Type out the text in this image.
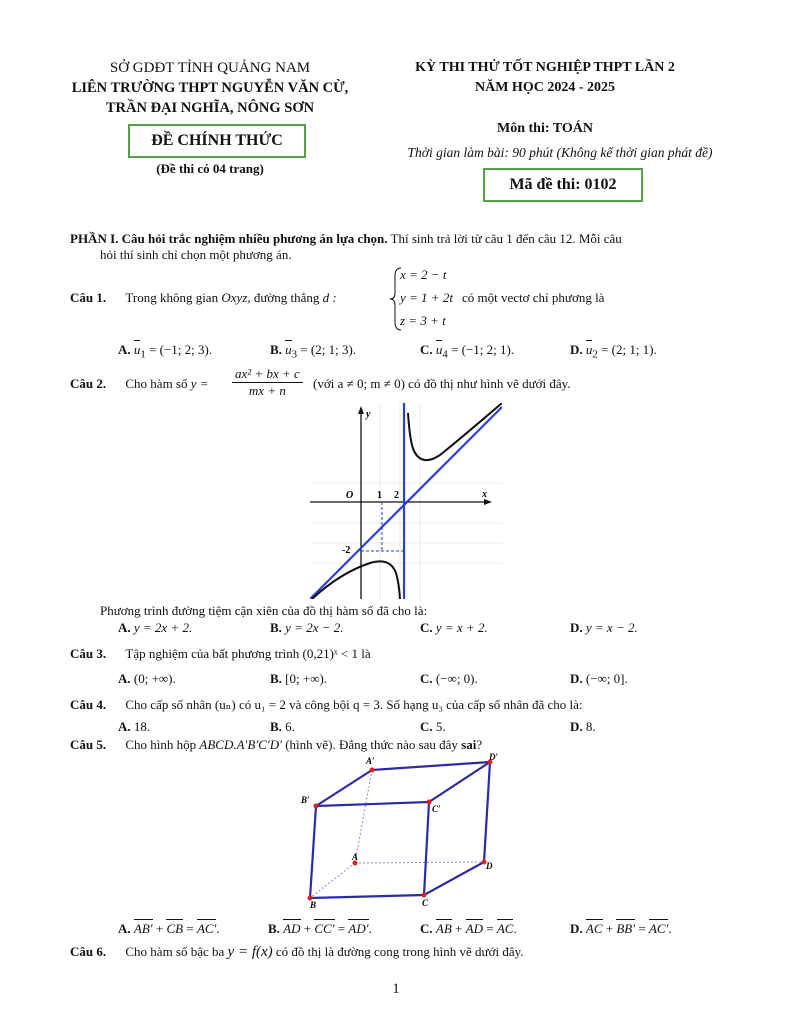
SỞ GDĐT TỈNH QUẢNG NAM
LIÊN TRƯỜNG THPT NGUYỄN VĂN CỪ,
TRẦN ĐẠI NGHĨA, NÔNG SƠN
ĐỀ CHÍNH THỨC
(Đề thi có 04 trang)
KỲ THI THỬ TỐT NGHIỆP THPT LẦN 2
NĂM HỌC 2024 - 2025
Môn thi: TOÁN
Thời gian làm bài: 90 phút (Không kể thời gian phát đề)
Mã đề thi: 0102
PHẦN I. Câu hỏi trắc nghiệm nhiều phương án lựa chọn. Thí sinh trả lời từ câu 1 đến câu 12. Mỗi câu
hỏi thí sinh chỉ chọn một phương án.
Câu 1. Trong không gian Oxyz, đường thẳng d :
x = 2 − t
y = 1 + 2t
z = 3 + t
có một vectơ chỉ phương là
A. $u_1 = (-1$; 2; 3).	B. $u_3 = (2$; 1; 3).	C. $u_4 = (-1$; 2; 1).	D. $u_2 = (2$; 1; 1).
Câu 2. Cho hàm số $y = \frac{\text{ax² + bx + c}}{mx + n}$ (với a ≠ 0; m ≠ 0) có đồ thị như hình vẽ dưới đây.
y
x
O 1 2
-2
Phương trình đường tiệm cận xiên của đồ thị hàm số đã cho là:
A. y = 2x + 2.	B. y = 2x − 2.	C. y = x + 2.	D. y = x − 2.
Câu 3. Tập nghiệm của bất phương trình (0,21)ˣ < 1 là
A. (0; +∞).	B. [0; +∞).	C. (−∞; 0).	D. (−∞; 0].
Câu 4. Cho cấp số nhân (uₙ) có u₁ = 2 và công bội q = 3. Số hạng u₃ của cấp số nhân đã cho là:
A. 18.	B. 6.	C. 5.	D. 8.
Câu 5. Cho hình hộp ABCD.A′B′C′D′ (hình vẽ). Đẳng thức nào sau đây sai?
A′	D′
B′
C′
A
D
B	C
A. AB′ + CB = AC′.	B. AD + CC′ = AD′.	C. AB + AD = AC.	D. AC + BB′ = AC′.
Câu 6. Cho hàm số bậc ba y = f(x) có đồ thị là đường cong trong hình vẽ dưới đây.
1
